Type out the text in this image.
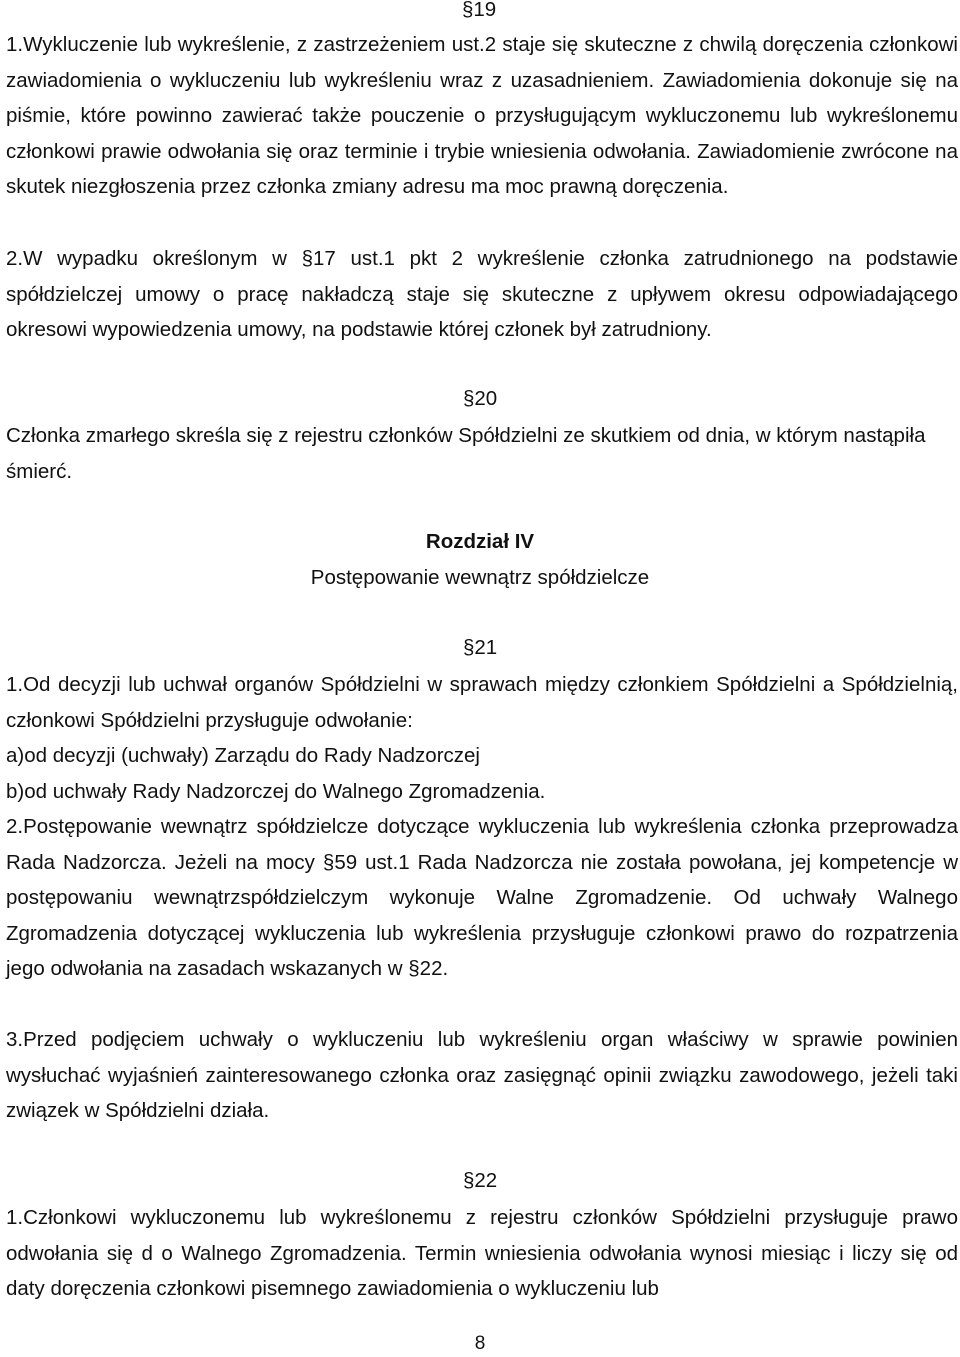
§19

1.Wykluczenie lub wykreślenie, z zastrzeżeniem ust.2 staje się skuteczne z chwilą doręczenia członkowi zawiadomienia o wykluczeniu lub wykreśleniu wraz z uzasadnieniem. Zawiadomienia dokonuje się na piśmie, które powinno zawierać także pouczenie o przysługującym wykluczonemu lub wykreślonemu członkowi prawie odwołania się oraz terminie i trybie wniesienia odwołania. Zawiadomienie zwrócone na skutek niezgłoszenia przez członka zmiany adresu ma moc prawną doręczenia.

2.W wypadku określonym w §17 ust.1 pkt 2 wykreślenie członka zatrudnionego na podstawie spółdzielczej umowy o pracę nakładczą staje się skuteczne z upływem okresu odpowiadającego okresowi wypowiedzenia umowy, na podstawie której członek był zatrudniony.

§20

Członka zmarłego skreśla się z rejestru członków Spółdzielni ze skutkiem od dnia, w którym nastąpiła śmierć.

Rozdział IV

Postępowanie wewnątrz spółdzielcze

§21

1.Od decyzji lub uchwał organów Spółdzielni w sprawach między członkiem Spółdzielni a Spółdzielnią, członkowi Spółdzielni przysługuje odwołanie:

a)od decyzji (uchwały) Zarządu do Rady Nadzorczej

b)od uchwały Rady Nadzorczej do Walnego Zgromadzenia.

2.Postępowanie wewnątrz spółdzielcze dotyczące wykluczenia lub wykreślenia członka przeprowadza Rada Nadzorcza. Jeżeli na mocy §59 ust.1 Rada Nadzorcza nie została powołana, jej kompetencje w postępowaniu wewnątrzspółdzielczym wykonuje Walne Zgromadzenie. Od uchwały Walnego Zgromadzenia dotyczącej wykluczenia lub wykreślenia przysługuje członkowi prawo do rozpatrzenia jego odwołania na zasadach wskazanych w §22.

3.Przed podjęciem uchwały o wykluczeniu lub wykreśleniu organ właściwy w sprawie powinien wysłuchać wyjaśnień zainteresowanego członka oraz zasięgnąć opinii związku zawodowego, jeżeli taki związek w Spółdzielni działa.

§22

1.Członkowi wykluczonemu lub wykreślonemu z rejestru członków Spółdzielni przysługuje prawo odwołania się d o Walnego Zgromadzenia. Termin wniesienia odwołania wynosi miesiąc i liczy się od daty doręczenia członkowi pisemnego zawiadomienia o wykluczeniu lub

8
